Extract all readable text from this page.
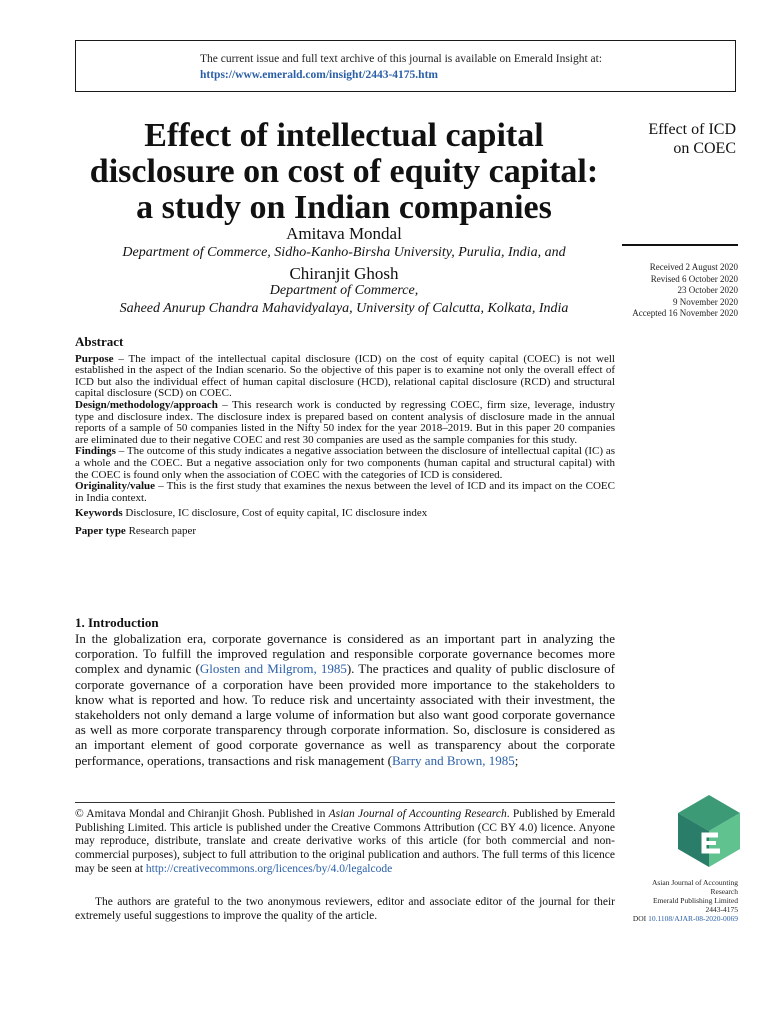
The current issue and full text archive of this journal is available on Emerald Insight at:
https://www.emerald.com/insight/2443-4175.htm
Effect of intellectual capital
disclosure on cost of equity capital:
a study on Indian companies
Amitava Mondal
Department of Commerce, Sidho-Kanho-Birsha University, Purulia, India, and
Chiranjit Ghosh
Department of Commerce,
Saheed Anurup Chandra Mahavidyalaya, University of Calcutta, Kolkata, India
Effect of ICD
on COEC
Received 2 August 2020
Revised 6 October 2020
23 October 2020
9 November 2020
Accepted 16 November 2020
Abstract

Purpose – The impact of the intellectual capital disclosure (ICD) on the cost of equity capital (COEC) is not well established in the aspect of the Indian scenario. So the objective of this paper is to examine not only the overall effect of ICD but also the individual effect of human capital disclosure (HCD), relational capital disclosure (RCD) and structural capital disclosure (SCD) on COEC.

Design/methodology/approach – This research work is conducted by regressing COEC, firm size, leverage, industry type and disclosure index. The disclosure index is prepared based on content analysis of disclosure made in the annual reports of a sample of 50 companies listed in the Nifty 50 index for the year 2018–2019. But in this paper 20 companies are eliminated due to their negative COEC and rest 30 companies are used as the sample companies for this study.

Findings – The outcome of this study indicates a negative association between the disclosure of intellectual capital (IC) as a whole and the COEC. But a negative association only for two components (human capital and structural capital) with the COEC is found only when the association of COEC with the categories of ICD is considered.

Originality/value – This is the first study that examines the nexus between the level of ICD and its impact on the COEC in India context.

Keywords Disclosure, IC disclosure, Cost of equity capital, IC disclosure index

Paper type Research paper

1. Introduction
In the globalization era, corporate governance is considered as an important part in analyzing the corporation. To fulfill the improved regulation and responsible corporate governance becomes more complex and dynamic (Glosten and Milgrom, 1985). The practices and quality of public disclosure of corporate governance of a corporation have been provided more importance to the stakeholders to know what is reported and how. To reduce risk and uncertainty associated with their investment, the stakeholders not only demand a large volume of information but also want good corporate governance as well as more corporate transparency through corporate information. So, disclosure is considered as an important element of good corporate governance as well as transparency about the corporate performance, operations, transactions and risk management (Barry and Brown, 1985;
© Amitava Mondal and Chiranjit Ghosh. Published in Asian Journal of Accounting Research. Published by Emerald Publishing Limited. This article is published under the Creative Commons Attribution (CC BY 4.0) licence. Anyone may reproduce, distribute, translate and create derivative works of this article (for both commercial and non-commercial purposes), subject to full attribution to the original publication and authors. The full terms of this licence may be seen at http://creativecommons.org/licences/by/4.0/legalcode
The authors are grateful to the two anonymous reviewers, editor and associate editor of the journal for their extremely useful suggestions to improve the quality of the article.
Asian Journal of Accounting
Research
Emerald Publishing Limited
2443-4175
DOI 10.1108/AJAR-08-2020-0069
